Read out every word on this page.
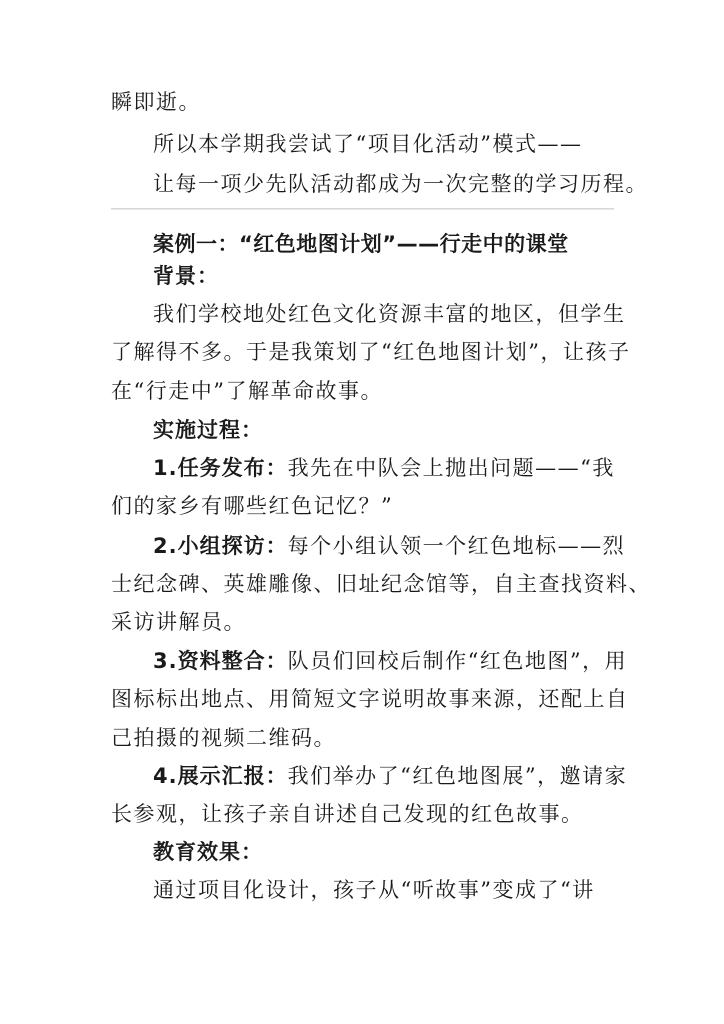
瞬即逝。
所以本学期我尝试了“项目化活动”模式——
让每一项少先队活动都成为一次完整的学习历程。
案例一：“红色地图计划”——行走中的课堂
背景：
我们学校地处红色文化资源丰富的地区，但学生
了解得不多。于是我策划了“红色地图计划”，让孩子
在“行走中”了解革命故事。
实施过程：
1.任务发布：我先在中队会上抛出问题——“我
们的家乡有哪些红色记忆？”
2.小组探访：每个小组认领一个红色地标——烈
士纪念碑、英雄雕像、旧址纪念馆等，自主查找资料、
采访讲解员。
3.资料整合：队员们回校后制作“红色地图”，用
图标标出地点、用简短文字说明故事来源，还配上自
己拍摄的视频二维码。
4.展示汇报：我们举办了“红色地图展”，邀请家
长参观，让孩子亲自讲述自己发现的红色故事。
教育效果：
通过项目化设计，孩子从“听故事”变成了“讲
